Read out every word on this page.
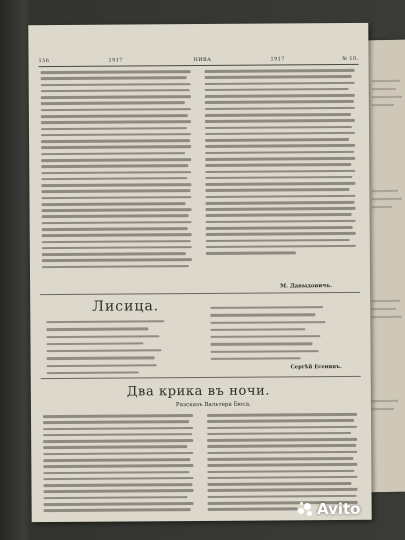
156	1917	НИВА	1917	№ 10.
М. Давыдовичъ.
Лисица.
Сергѣй Есенинъ.
Два крика въ ночи.
Разсказъ Вальтера Бюса.
Avito
